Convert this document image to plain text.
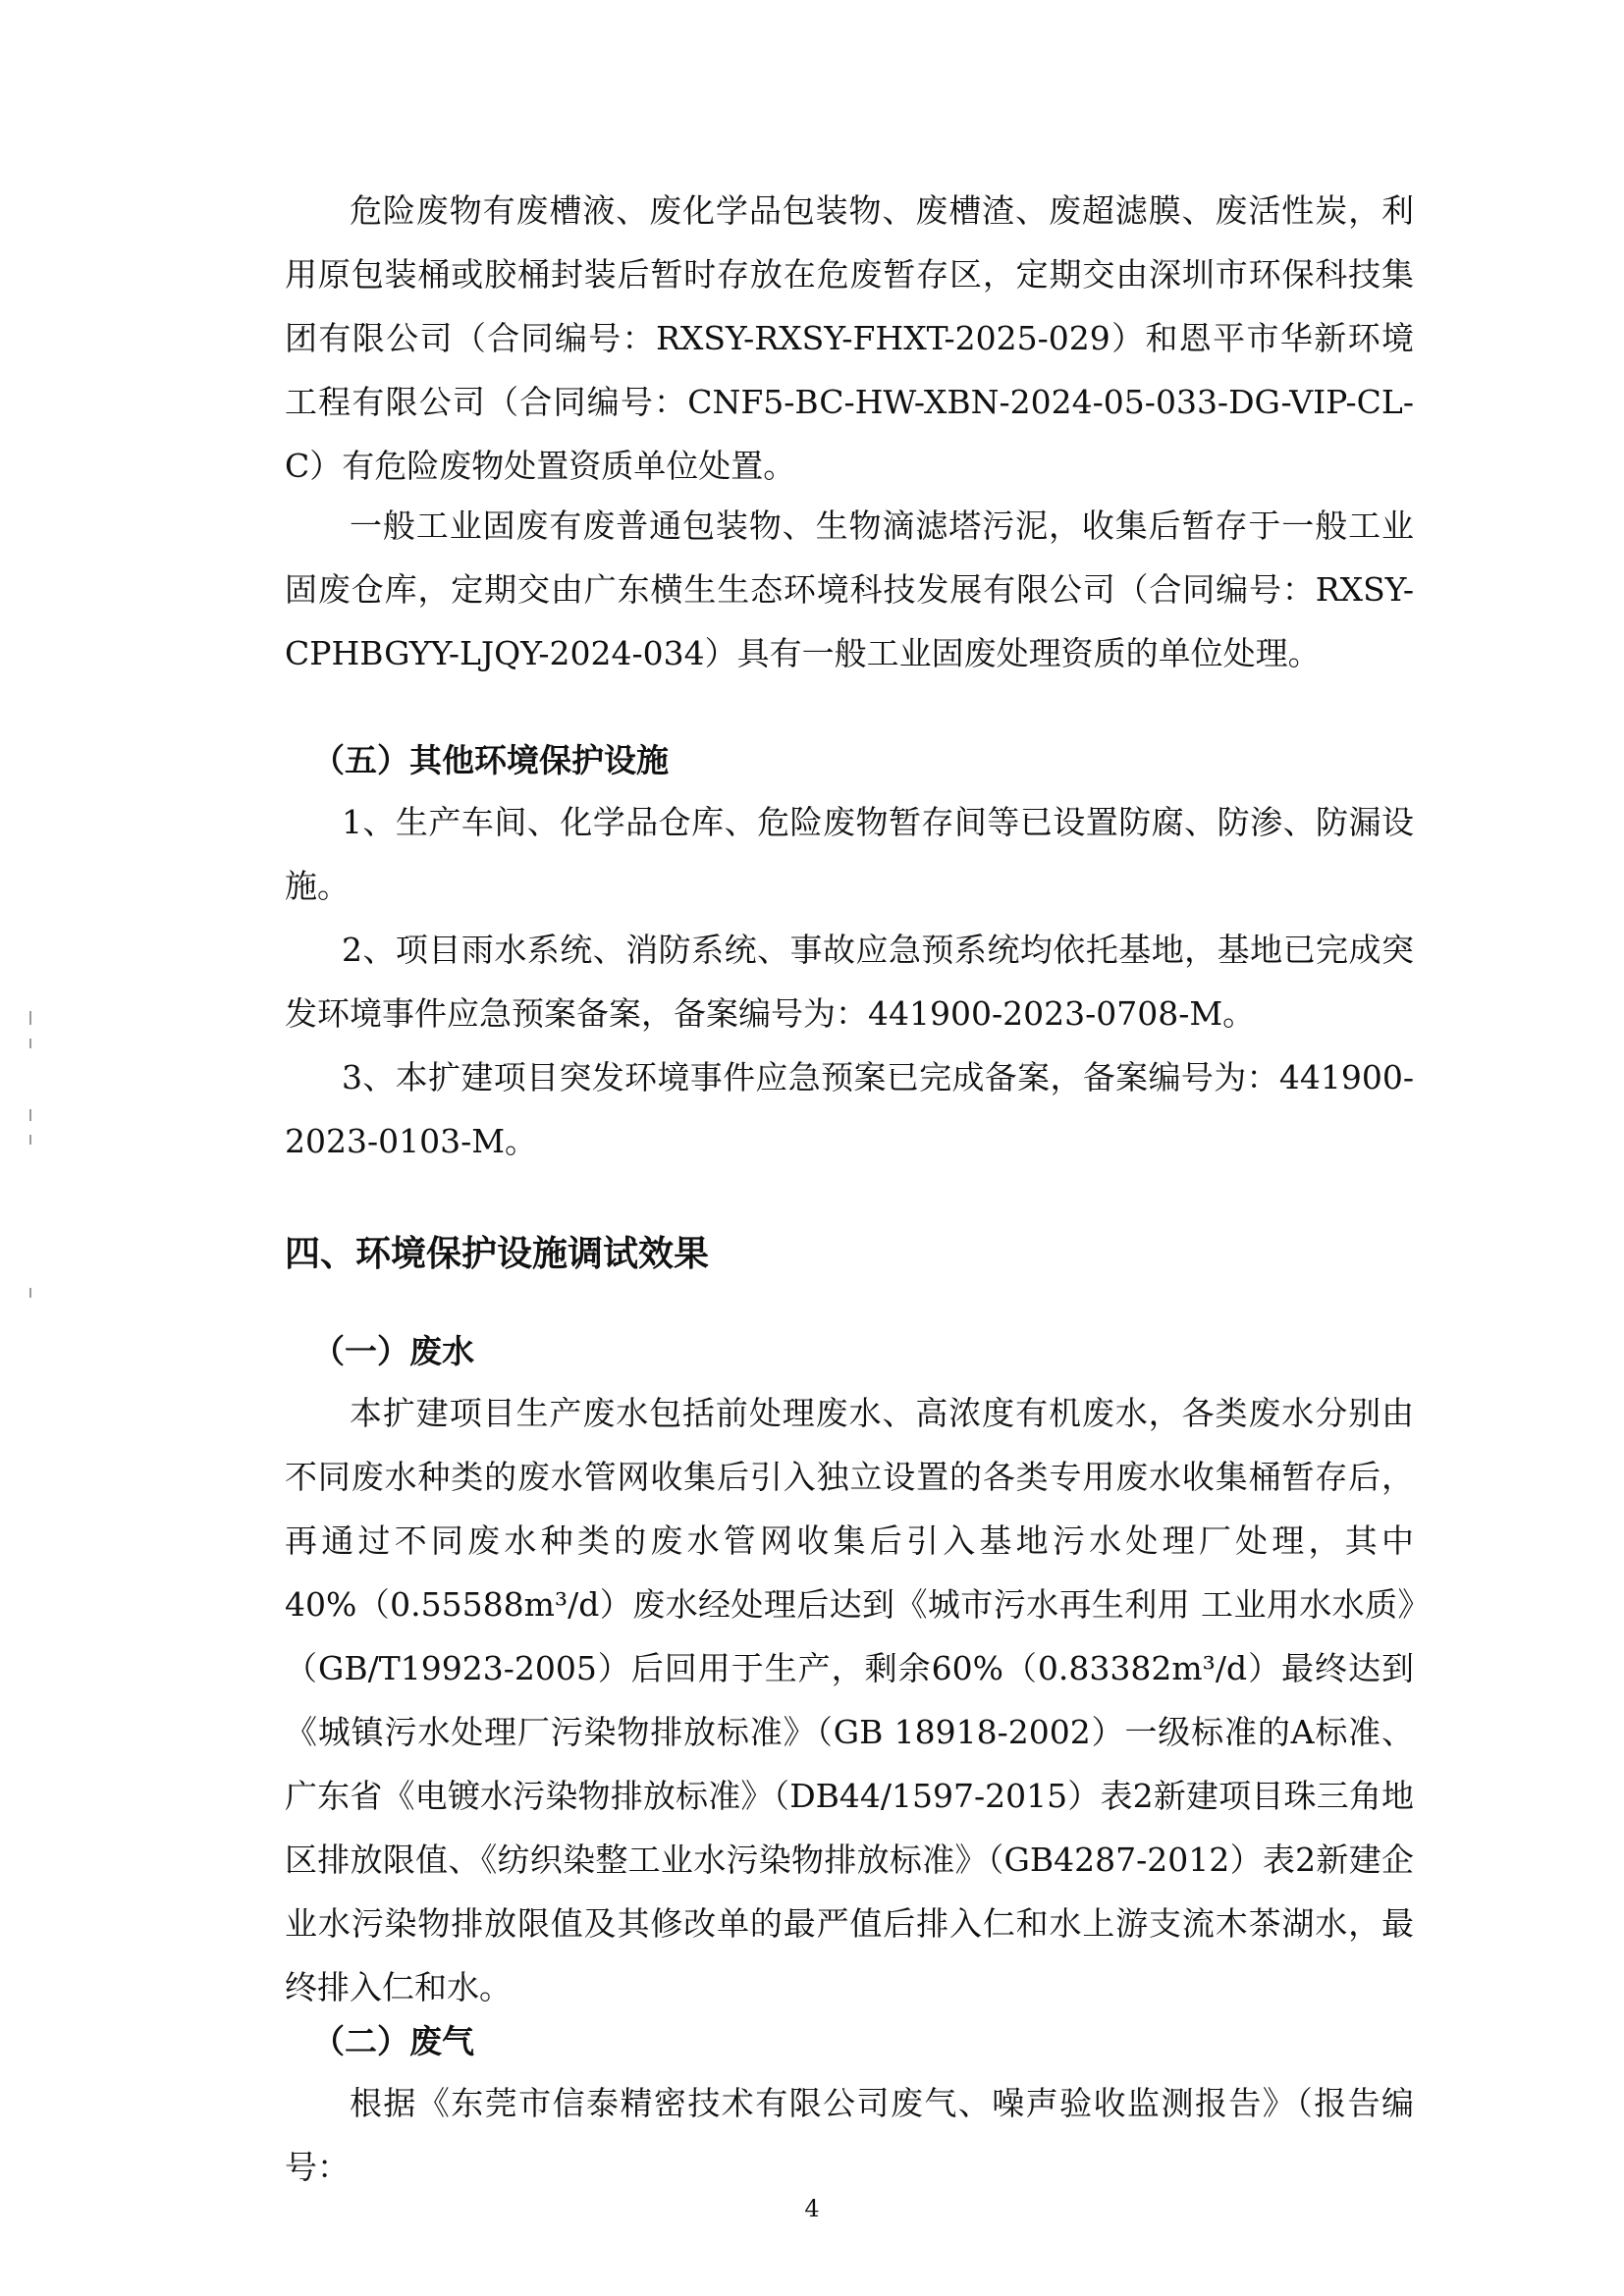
危险废物有废槽液、废化学品包装物、废槽渣、废超滤膜、废活性炭，利用原包装桶或胶桶封装后暂时存放在危废暂存区，定期交由深圳市环保科技集团有限公司（合同编号：RXSY-RXSY-FHXT-2025-029）和恩平市华新环境工程有限公司（合同编号：CNF5-BC-HW-XBN-2024-05-033-DG-VIP-CL-C）有危险废物处置资质单位处置。

一般工业固废有废普通包装物、生物滴滤塔污泥，收集后暂存于一般工业固废仓库，定期交由广东横生生态环境科技发展有限公司（合同编号：RXSY-CPHBGYY-LJQY-2024-034）具有一般工业固废处理资质的单位处理。

（五）其他环境保护设施

1、生产车间、化学品仓库、危险废物暂存间等已设置防腐、防渗、防漏设施。

2、项目雨水系统、消防系统、事故应急预系统均依托基地，基地已完成突发环境事件应急预案备案，备案编号为：441900-2023-0708-M。

3、本扩建项目突发环境事件应急预案已完成备案，备案编号为：441900-2023-0103-M。

四、环境保护设施调试效果
（一）废水

本扩建项目生产废水包括前处理废水、高浓度有机废水，各类废水分别由不同废水种类的废水管网收集后引入独立设置的各类专用废水收集桶暂存后，再通过不同废水种类的废水管网收集后引入基地污水处理厂处理，其中40%（0.55588m³/d）废水经处理后达到《城市污水再生利用 工业用水水质》（GB/T19923-2005）后回用于生产，剩余60%（0.83382m³/d）最终达到《城镇污水处理厂污染物排放标准》（GB 18918-2002）一级标准的A标准、广东省《电镀水污染物排放标准》（DB44/1597-2015）表2新建项目珠三角地区排放限值、《纺织染整工业水污染物排放标准》（GB4287-2012）表2新建企业水污染物排放限值及其修改单的最严值后排入仁和水上游支流木茶湖水，最终排入仁和水。

（二）废气

根据《东莞市信泰精密技术有限公司废气、噪声验收监测报告》（报告编号：

4
